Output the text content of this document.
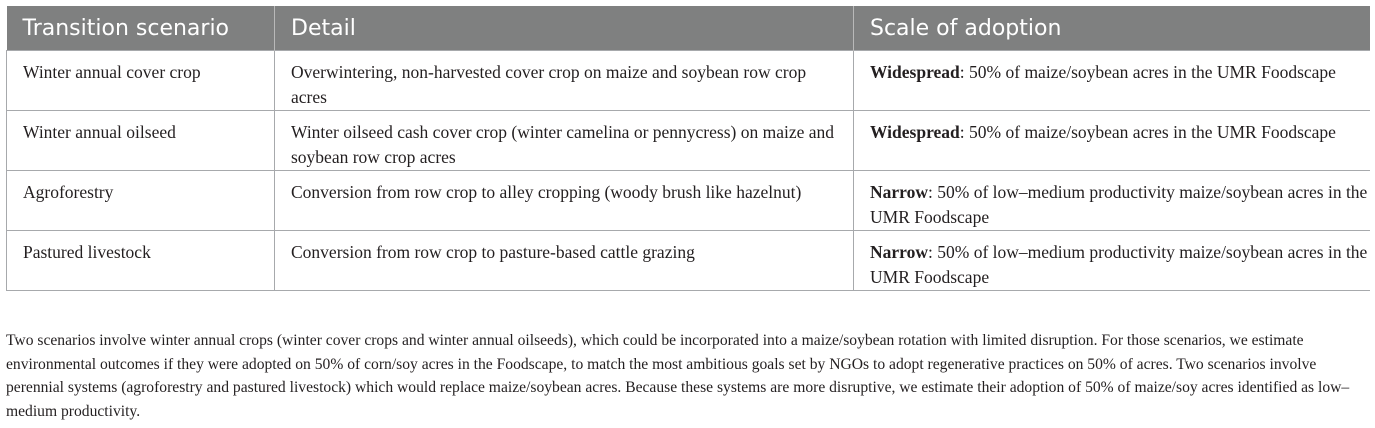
Transition scenario	Detail	Scale of adoption
Winter annual cover crop	Overwintering, non-harvested cover crop on maize and soybean row crop acres	Widespread: 50% of maize/soybean acres in the UMR Foodscape
Winter annual oilseed	Winter oilseed cash cover crop (winter camelina or pennycress) on maize and soybean row crop acres	Widespread: 50% of maize/soybean acres in the UMR Foodscape
Agroforestry	Conversion from row crop to alley cropping (woody brush like hazelnut)	Narrow: 50% of low–medium productivity maize/soybean acres in the UMR Foodscape
Pastured livestock	Conversion from row crop to pasture-based cattle grazing	Narrow: 50% of low–medium productivity maize/soybean acres in the UMR Foodscape

Two scenarios involve winter annual crops (winter cover crops and winter annual oilseeds), which could be incorporated into a maize/soybean rotation with limited disruption. For those scenarios, we estimate environmental outcomes if they were adopted on 50% of corn/soy acres in the Foodscape, to match the most ambitious goals set by NGOs to adopt regenerative practices on 50% of acres. Two scenarios involve perennial systems (agroforestry and pastured livestock) which would replace maize/soybean acres. Because these systems are more disruptive, we estimate their adoption of 50% of maize/soy acres identified as low–medium productivity.
